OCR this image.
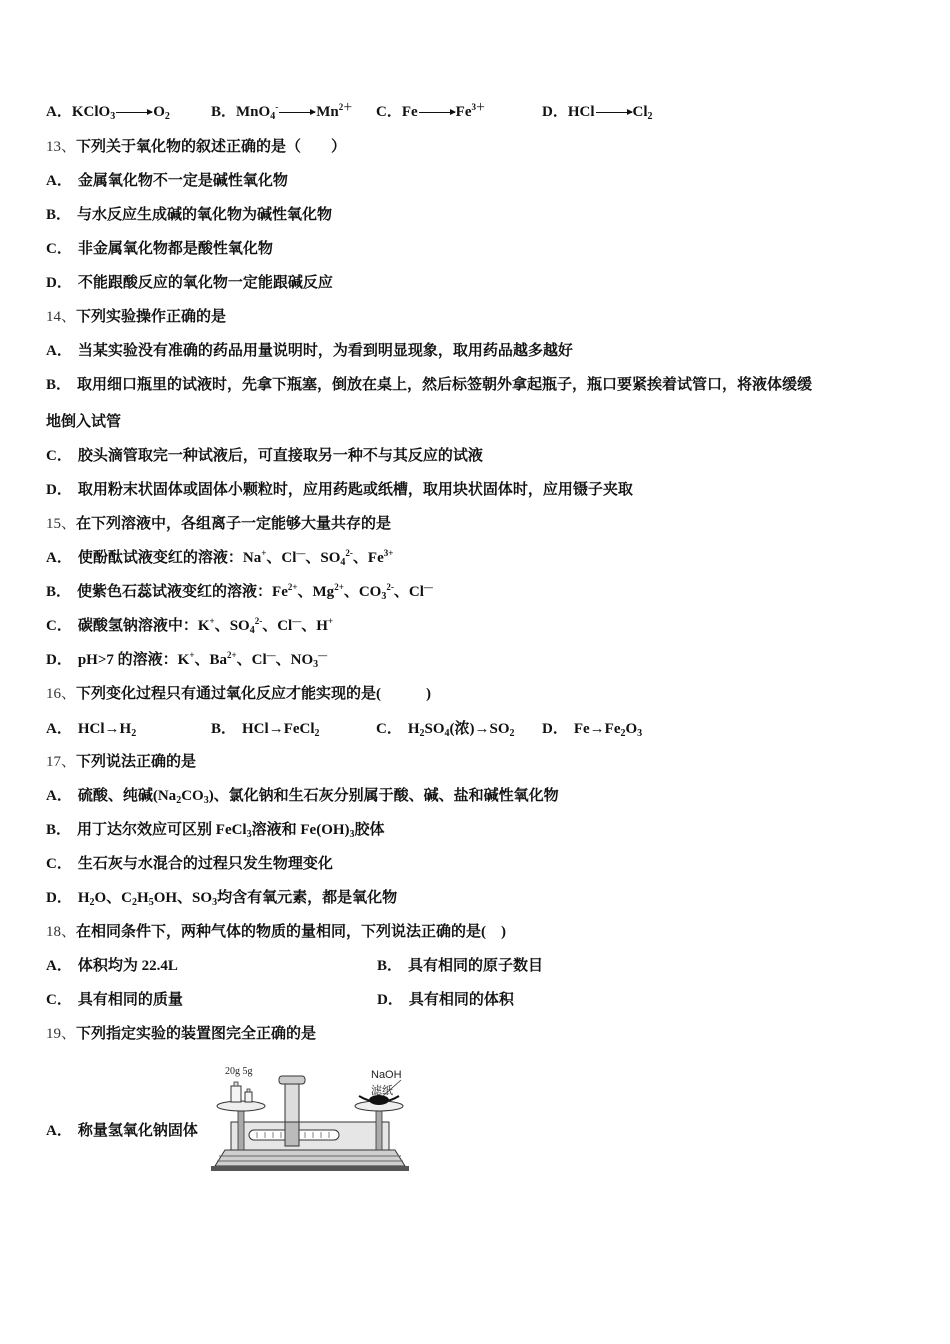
A．KClO$_3$	$O_2$	B．MnO$_4$-	$Mn^{2+}$ C．Fe	$Fe^{3+}$	D．HCl	$Cl_2$
13、下列关于氧化物的叙述正确的是（　　）
A． 金属氧化物不一定是碱性氧化物
B． 与水反应生成碱的氧化物为碱性氧化物
C． 非金属氧化物都是酸性氧化物
D． 不能跟酸反应的氧化物一定能跟碱反应
14、下列实验操作正确的是
A． 当某实验没有准确的药品用量说明时，为看到明显现象，取用药品越多越好
B． 取用细口瓶里的试液时，先拿下瓶塞，倒放在桌上，然后标签朝外拿起瓶子，瓶口要紧挨着试管口，将液体缓缓
地倒入试管
C． 胶头滴管取完一种试液后，可直接取另一种不与其反应的试液
D． 取用粉末状固体或固体小颗粒时，应用药匙或纸槽，取用块状固体时，应用镊子夹取
15、在下列溶液中，各组离子一定能够大量共存的是
A． 使酚酞试液变红的溶液：Na+、Cl—、$SO_4^{2-}$、$Fe^{3+}$
B． 使紫色石蕊试液变红的溶液：$Fe^{2+}$、$Mg^{2+}$、$CO_3^{2-}$、Cl—
C． 碳酸氢钠溶液中：K+、$SO_4^{2-}$、Cl—、H+
D． pH>7 的溶液：K+、$Ba^{2+}$、Cl—、$NO_3^—$
16、下列变化过程只有通过氧化反应才能实现的是(　　　)
A． $HCl\to H_2$	B． HCl→FeCl$_2$	C． $H_2SO_4$(浓)$\to SO_2$ D． $Fe\to Fe_2O_3$
17、下列说法正确的是
A． 硫酸、纯碱$(Na_2CO_3)$、氯化钠和生石灰分别属于酸、碱、盐和碱性氧化物
B． 用丁达尔效应可区别 FeCl$_3$溶液和 $Fe(OH)_3$胶体
C． 生石灰与水混合的过程只发生物理变化
D． $H_2O$、$C_2H_5OH$、$SO_3$均含有氧元素，都是氧化物
18、在相同条件下，两种气体的物质的量相同，下列说法正确的是(　)
A． 体积均为 22.4L	B． 具有相同的原子数目
C． 具有相同的质量	D． 具有相同的体积
19、下列指定实验的装置图完全正确的是
A． 称量氢氧化钠固体
20g 5g	NaOH
滤纸
